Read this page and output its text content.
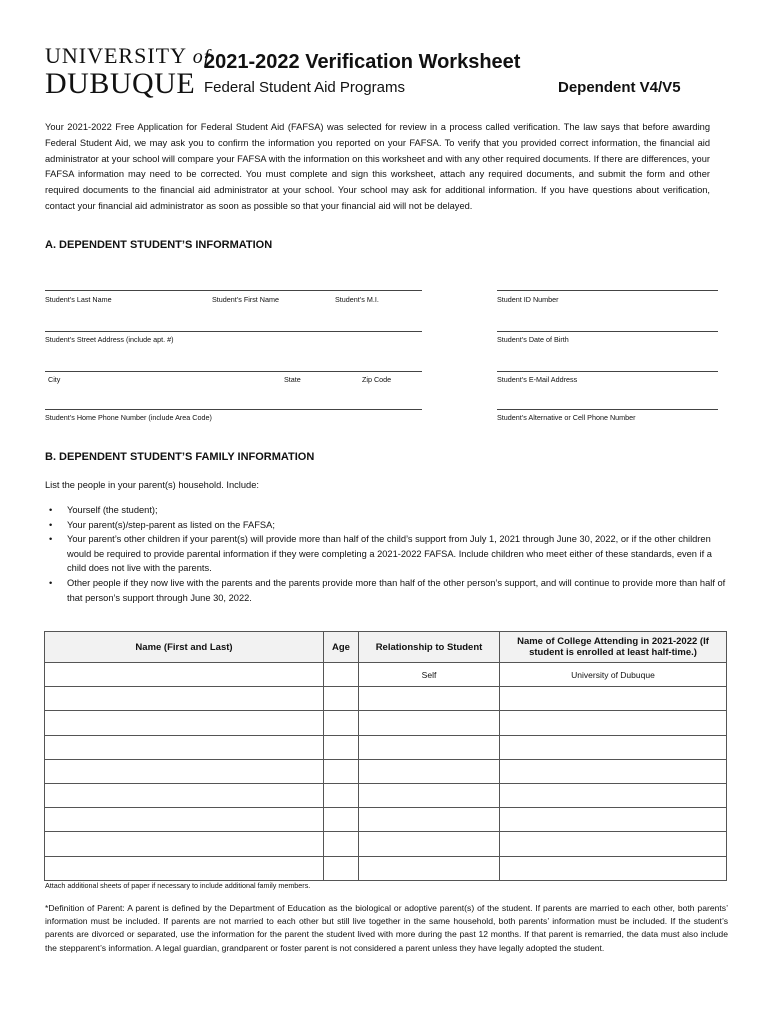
UNIVERSITY of
DUBUQUE
2021-2022 Verification Worksheet
Federal Student Aid Programs	Dependent V4/V5
Your 2021-2022 Free Application for Federal Student Aid (FAFSA) was selected for review in a process called verification. The law says that before awarding Federal Student Aid, we may ask you to confirm the information you reported on your FAFSA. To verify that you provided correct information, the financial aid administrator at your school will compare your FAFSA with the information on this worksheet and with any other required documents. If there are differences, your FAFSA information may need to be corrected. You must complete and sign this worksheet, attach any required documents, and submit the form and other required documents to the financial aid administrator at your school. Your school may ask for additional information. If you have questions about verification, contact your financial aid administrator as soon as possible so that your financial aid will not be delayed.
A. DEPENDENT STUDENT’S INFORMATION
Student’s Last Name	Student’s First Name	Student’s M.I.	Student ID Number
Student’s Street Address (include apt. #)	Student’s Date of Birth
City	State	Zip Code	Student’s E-Mail Address
Student’s Home Phone Number (include Area Code)	Student’s Alternative or Cell Phone Number
B. DEPENDENT STUDENT’S FAMILY INFORMATION
List the people in your parent(s) household. Include:
• Yourself (the student);
• Your parent(s)/step-parent as listed on the FAFSA;
• Your parent’s other children if your parent(s) will provide more than half of the child’s support from July 1, 2021 through June 30, 2022, or if the other children would be required to provide parental information if they were completing a 2021-2022 FAFSA. Include children who meet either of these standards, even if a child does not live with the parents.
• Other people if they now live with the parents and the parents provide more than half of the other person’s support, and will continue to provide more than half of that person’s support through June 30, 2022.
Name (First and Last)	Age	Relationship to Student	Name of College Attending in 2021-2022 (If student is enrolled at least half-time.)
		Self	University of Dubuque

Attach additional sheets of paper if necessary to include additional family members.
*Definition of Parent: A parent is defined by the Department of Education as the biological or adoptive parent(s) of the student. If parents are married to each other, both parents’ information must be included. If parents are not married to each other but still live together in the same household, both parents’ information must be included. If the student’s parents are divorced or separated, use the information for the parent the student lived with more during the past 12 months. If that parent is remarried, the data must also include the stepparent’s information. A legal guardian, grandparent or foster parent is not considered a parent unless they have legally adopted the student.
